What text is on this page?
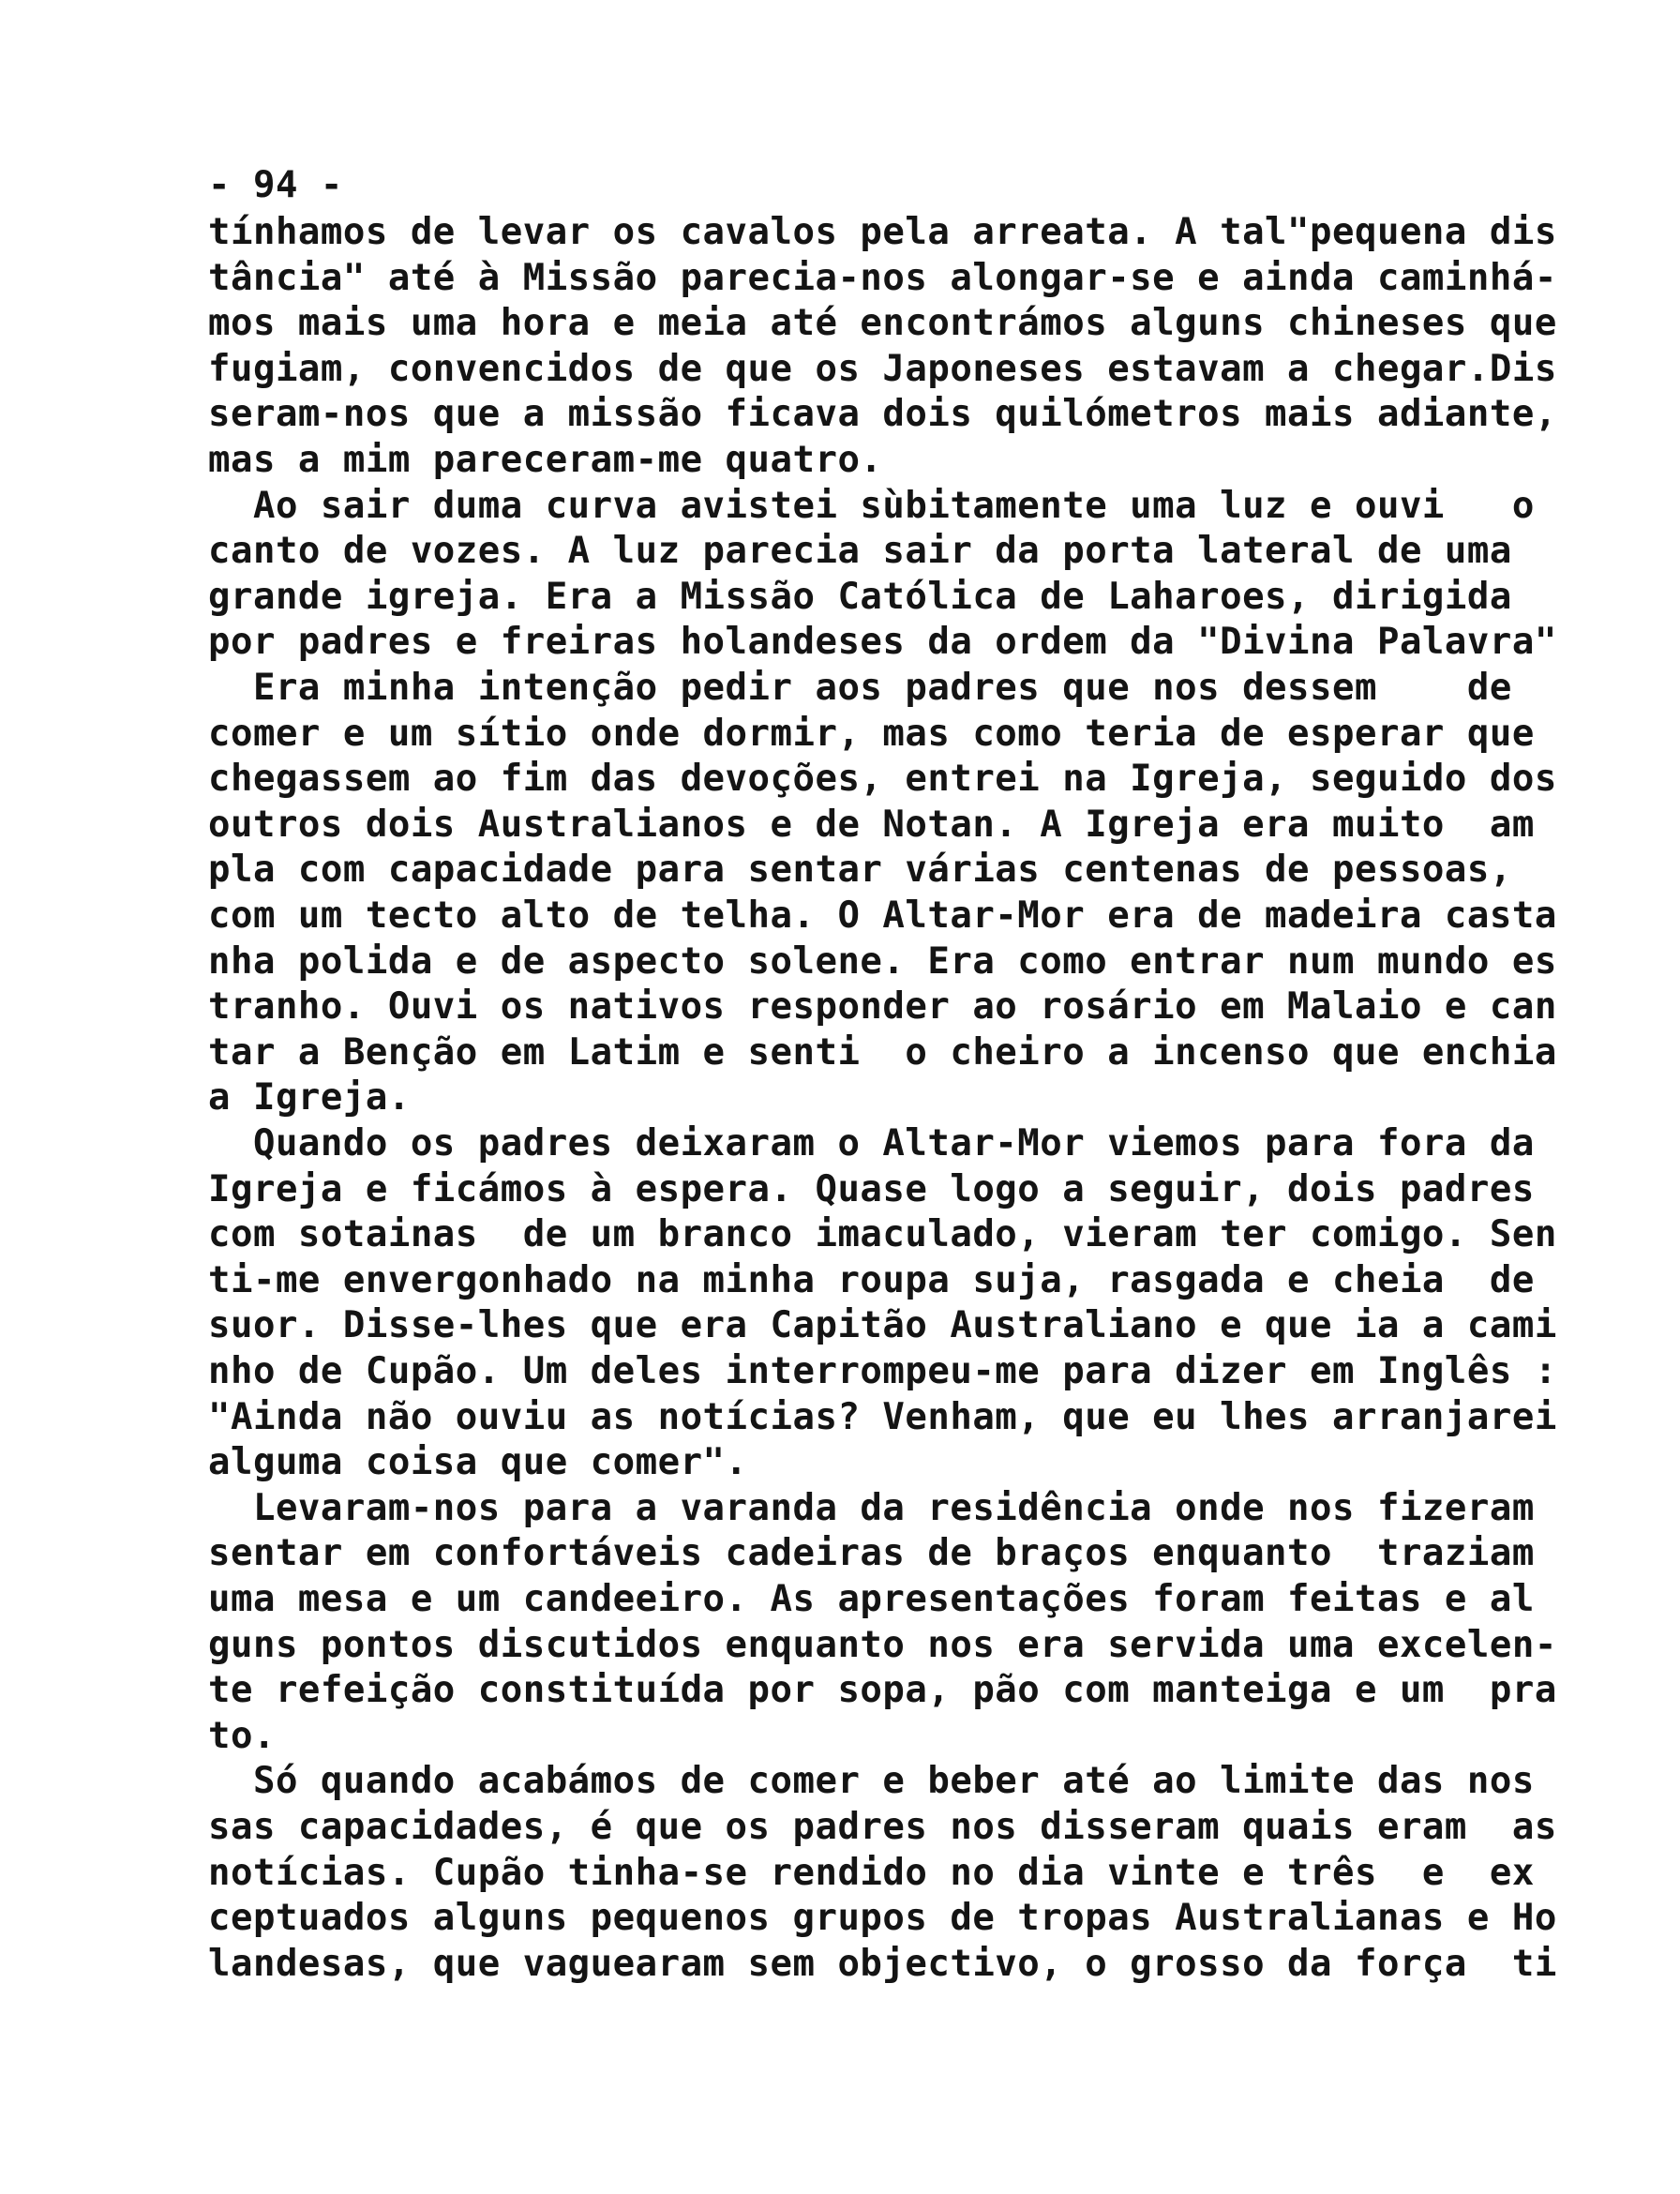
- 94 -
tínhamos de levar os cavalos pela arreata. A tal"pequena dis
tância" até à Missão parecia-nos alongar-se e ainda caminhá-
mos mais uma hora e meia até encontrámos alguns chineses que
fugiam, convencidos de que os Japoneses estavam a chegar.Dis
seram-nos que a missão ficava dois quilómetros mais adiante,
mas a mim pareceram-me quatro.
Ao sair duma curva avistei sùbitamente uma luz e ouvi   o
canto de vozes. A luz parecia sair da porta lateral de uma
grande igreja. Era a Missão Católica de Laharoes, dirigida
por padres e freiras holandeses da ordem da "Divina Palavra"
Era minha intenção pedir aos padres que nos dessem    de
comer e um sítio onde dormir, mas como teria de esperar que
chegassem ao fim das devoções, entrei na Igreja, seguido dos
outros dois Australianos e de Notan. A Igreja era muito  am
pla com capacidade para sentar várias centenas de pessoas,
com um tecto alto de telha. O Altar-Mor era de madeira casta
nha polida e de aspecto solene. Era como entrar num mundo es
tranho. Ouvi os nativos responder ao rosário em Malaio e can
tar a Benção em Latim e senti  o cheiro a incenso que enchia
a Igreja.
Quando os padres deixaram o Altar-Mor viemos para fora da
Igreja e ficámos à espera. Quase logo a seguir, dois padres
com sotainas  de um branco imaculado, vieram ter comigo. Sen
ti-me envergonhado na minha roupa suja, rasgada e cheia  de
suor. Disse-lhes que era Capitão Australiano e que ia a cami
nho de Cupão. Um deles interrompeu-me para dizer em Inglês :
"Ainda não ouviu as notícias? Venham, que eu lhes arranjarei
alguma coisa que comer".
Levaram-nos para a varanda da residência onde nos fizeram
sentar em confortáveis cadeiras de braços enquanto  traziam
uma mesa e um candeeiro. As apresentações foram feitas e al
guns pontos discutidos enquanto nos era servida uma excelen-
te refeição constituída por sopa, pão com manteiga e um  pra
to.
Só quando acabámos de comer e beber até ao limite das nos
sas capacidades, é que os padres nos disseram quais eram  as
notícias. Cupão tinha-se rendido no dia vinte e três  e  ex
ceptuados alguns pequenos grupos de tropas Australianas e Ho
landesas, que vaguearam sem objectivo, o grosso da força  ti
